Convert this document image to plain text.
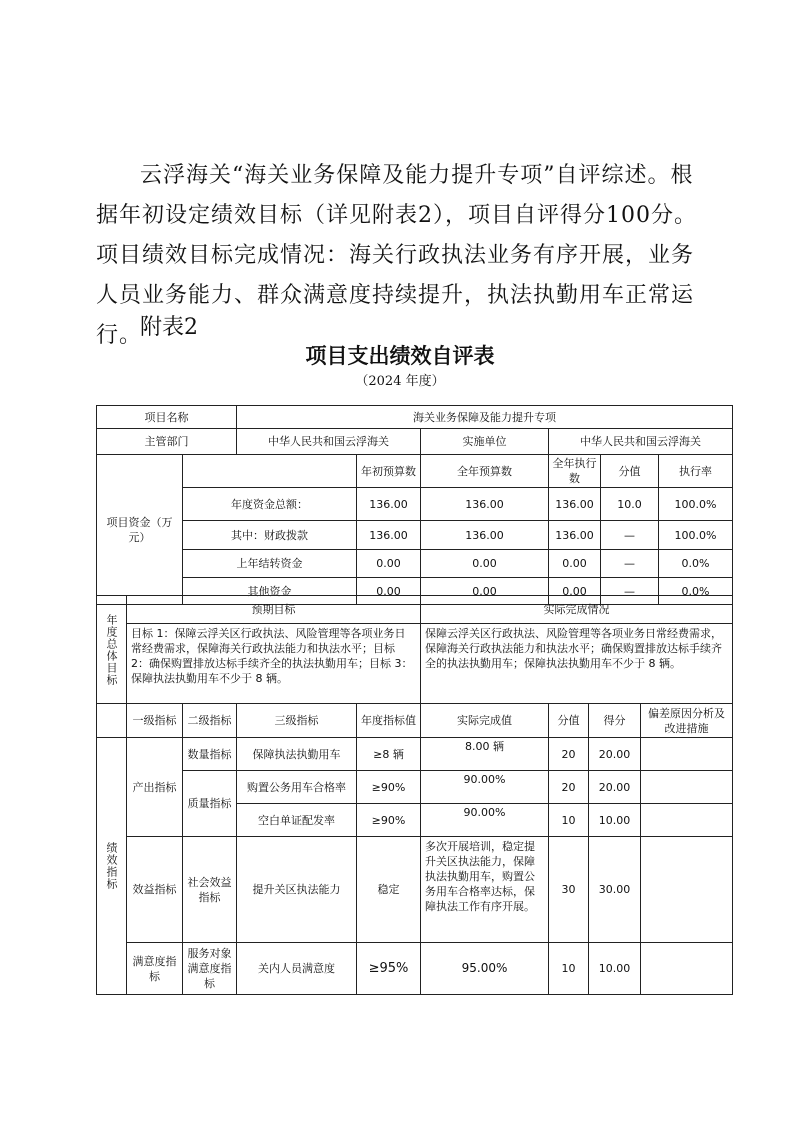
云浮海关“海关业务保障及能力提升专项”自评综述。根据年初设定绩效目标（详见附表2），项目自评得分100分。项目绩效目标完成情况：海关行政执法业务有序开展，业务人员业务能力、群众满意度持续提升，执法执勤用车正常运行。

附表2
项目支出绩效自评表
（2024 年度）
项目名称		海关业务保障及能力提升专项						
主管部门		中华人民共和国云浮海关		实施单位	中华人民共和国云浮海关			
项目资金（万元）			年初预算数	全年预算数	全年执行数	分值	执行率	
	年度资金总额：		136.00	136.00	136.00	10.0	100.0%	
	其中：财政拨款		136.00	136.00	136.00	—	100.0%	
	上年结转资金		0.00	0.00	0.00	—	0.0%	
	其他资金		0.00	0.00	0.00	—	0.0%	
年度总体目标	预期目标				实际完成情况			
	目标 1：保障云浮关区行政执法、风险管理等各项业务日常经费需求，保障海关行政执法能力和执法水平；目标 2：确保购置排放达标手续齐全的执法执勤用车；目标 3：保障执法执勤用车不少于 8 辆。				保障云浮关区行政执法、风险管理等各项业务日常经费需求，保障海关行政执法能力和执法水平；确保购置排放达标手续齐全的执法执勤用车；保障执法执勤用车不少于 8 辆。			
	一级指标	二级指标	三级指标	年度指标值	实际完成值	分值	得分	偏差原因分析及改进措施
绩效指标	产出指标	数量指标	保障执法执勤用车	≥8 辆	8.00 辆	20	20.00	
		质量指标	购置公务用车合格率	≥90%	90.00%	20	20.00	
			空白单证配发率	≥90%	90.00%	10	10.00	
	效益指标	社会效益指标	提升关区执法能力	稳定	多次开展培训，稳定提升关区执法能力，保障执法执勤用车，购置公务用车合格率达标，保障执法工作有序开展。	30	30.00	
	满意度指标	服务对象满意度指标	关内人员满意度	≥95%	95.00%	10	10.00	
